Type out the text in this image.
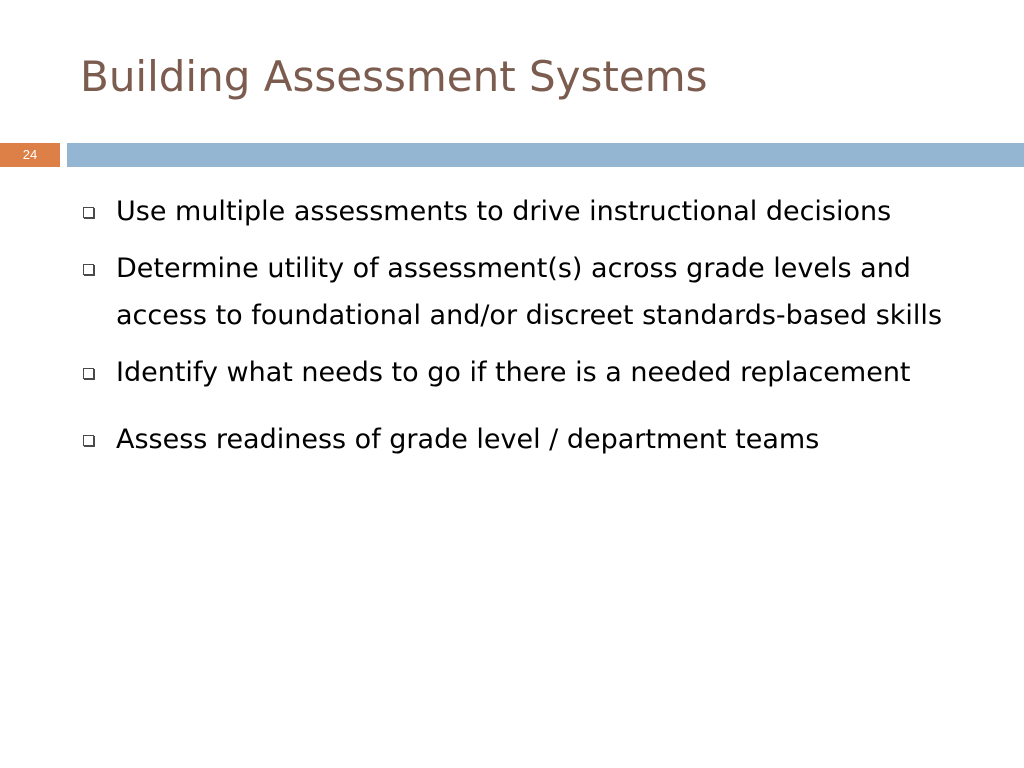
Building Assessment Systems
24
Use multiple assessments to drive instructional decisions
Determine utility of assessment(s) across grade levels and access to foundational and/or discreet standards-based skills
Identify what needs to go if there is a needed replacement
Assess readiness of grade level / department teams
